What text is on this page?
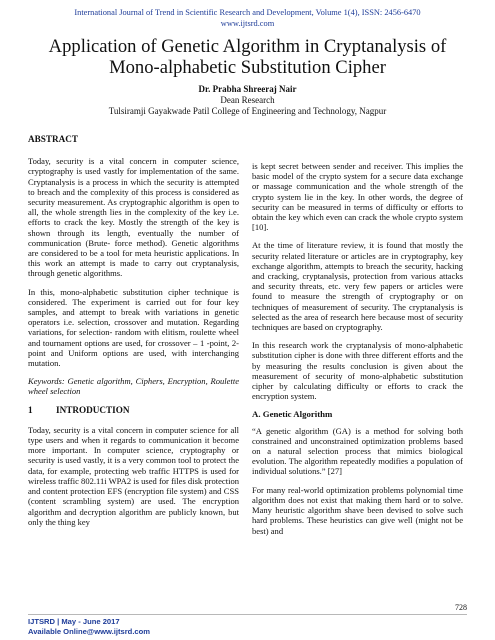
International Journal of Trend in Scientific Research and Development, Volume 1(4), ISSN: 2456-6470
www.ijtsrd.com
Application of Genetic Algorithm in Cryptanalysis of
Mono-alphabetic Substitution Cipher
Dr. Prabha Shreeraj Nair
Dean Research
Tulsiramji Gayakwade Patil College of Engineering and Technology, Nagpur
ABSTRACT

Today, security is a vital concern in computer science, cryptography is used vastly for implementation of the same. Cryptanalysis is a process in which the security is attempted to breach and the complexity of this process is considered as security measurement. As cryptographic algorithm is open to all, the whole strength lies in the complexity of the key i.e. efforts to crack the key. Mostly the strength of the key is shown through its length, eventually the number of communication (Brute- force method). Genetic algorithms are considered to be a tool for meta heuristic applications. In this work an attempt is made to carry out cryptanalysis, through genetic algorithms.

In this, mono-alphabetic substitution cipher technique is considered. The experiment is carried out for four key samples, and attempt to break with variations in genetic operators i.e. selection, crossover and mutation. Regarding variations, for selection- random with elitism, roulette wheel and tournament options are used, for crossover – 1 -point, 2-point and Uniform options are used, with interchanging mutation.

Keywords: Genetic algorithm, Ciphers, Encryption, Roulette wheel selection

1	INTRODUCTION

Today, security is a vital concern in computer science for all type users and when it regards to communication it become more important. In computer science, cryptography or security is used vastly, it is a very common tool to protect the data, for example, protecting web traffic HTTPS is used for wireless traffic 802.11i WPA2 is used for files disk protection and content protection EFS (encryption file system) and CSS (content scrambling system) are used. The encryption algorithm and decryption algorithm are publicly known, but only the thing key

is kept secret between sender and receiver. This implies the basic model of the crypto system for a secure data exchange or massage communication and the whole strength of the crypto system lie in the key. In other words, the degree of security can be measured in terms of difficulty or efforts to obtain the key which even can crack the whole crypto system [10].

At the time of literature review, it is found that mostly the security related literature or articles are in cryptography, key exchange algorithm, attempts to breach the security, hacking and cracking, cryptanalysis, protection from various attacks and security threats, etc. very few papers or articles were found to measure the strength of cryptography or on techniques of measurement of security. The cryptanalysis is selected as the area of research here because most of security techniques are based on cryptography.

In this research work the cryptanalysis of mono-alphabetic substitution cipher is done with three different efforts and the by measuring the results conclusion is given about the measurement of security of mono-alphabetic substitution cipher by calculating difficulty or efforts to crack the encryption system.

A. Genetic Algorithm

“A genetic algorithm (GA) is a method for solving both constrained and unconstrained optimization problems based on a natural selection process that mimics biological evolution. The algorithm repeatedly modifies a population of individual solutions.” [27]

For many real-world optimization problems polynomial time algorithm does not exist that making them hard or to solve. Many heuristic algorithm shave been devised to solve such hard problems. These heuristics can give well (might not be best) and

728
IJTSRD | May - June 2017
Available Online@www.ijtsrd.com
